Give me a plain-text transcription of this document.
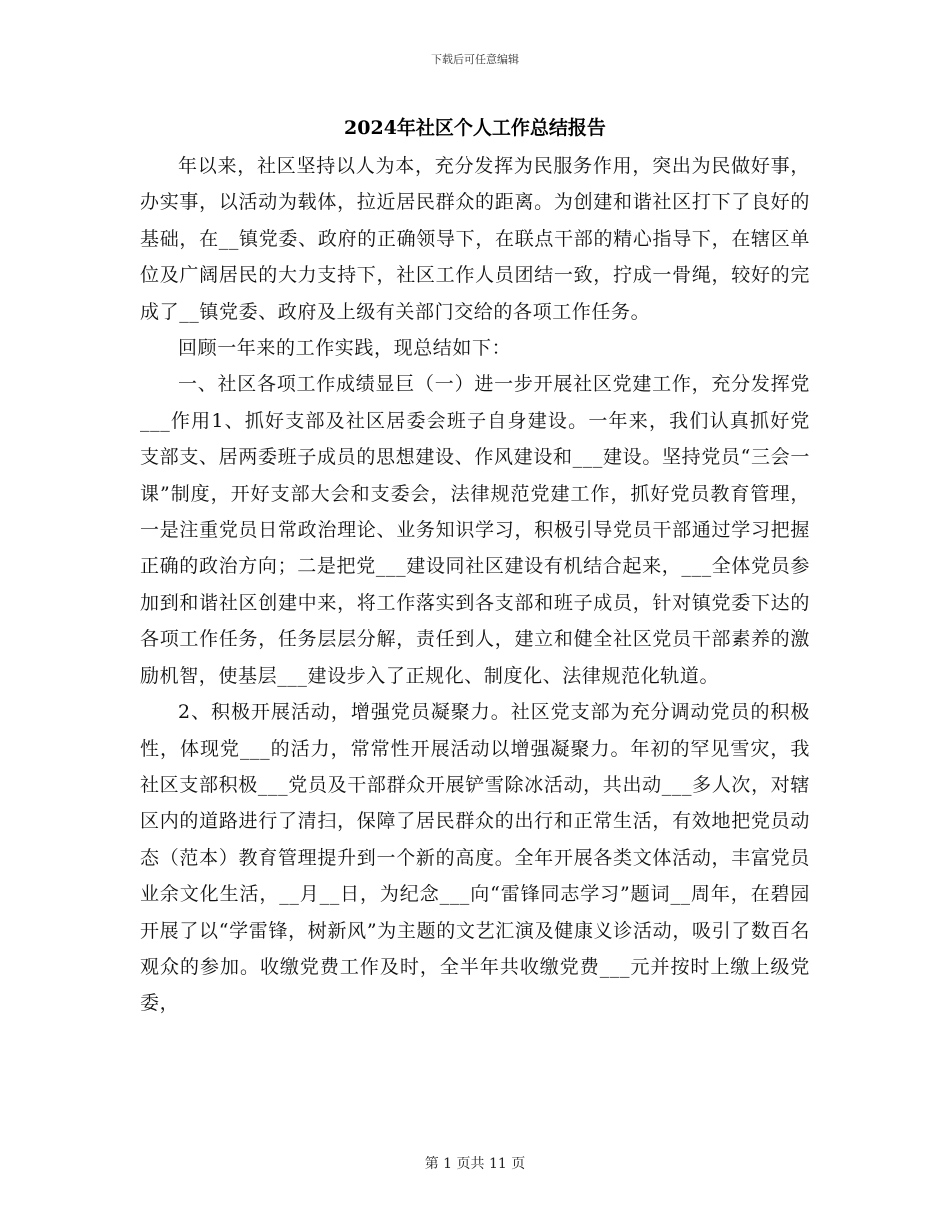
下载后可任意编辑
2024年社区个人工作总结报告

年以来，社区坚持以人为本，充分发挥为民服务作用，突出为民做好事，办实事，以活动为载体，拉近居民群众的距离。为创建和谐社区打下了良好的基础，在__镇党委、政府的正确领导下，在联点干部的精心指导下，在辖区单位及广阔居民的大力支持下，社区工作人员团结一致，拧成一骨绳，较好的完成了__镇党委、政府及上级有关部门交给的各项工作任务。

回顾一年来的工作实践，现总结如下：

一、社区各项工作成绩显巨（一）进一步开展社区党建工作，充分发挥党___作用1、抓好支部及社区居委会班子自身建设。一年来，我们认真抓好党支部支、居两委班子成员的思想建设、作风建设和___建设。坚持党员“三会一课”制度，开好支部大会和支委会，法律规范党建工作，抓好党员教育管理，一是注重党员日常政治理论、业务知识学习，积极引导党员干部通过学习把握正确的政治方向；二是把党___建设同社区建设有机结合起来，___全体党员参加到和谐社区创建中来，将工作落实到各支部和班子成员，针对镇党委下达的各项工作任务，任务层层分解，责任到人，建立和健全社区党员干部素养的激励机智，使基层___建设步入了正规化、制度化、法律规范化轨道。

2、积极开展活动，增强党员凝聚力。社区党支部为充分调动党员的积极性，体现党___的活力，常常性开展活动以增强凝聚力。年初的罕见雪灾，我社区支部积极___党员及干部群众开展铲雪除冰活动，共出动___多人次，对辖区内的道路进行了清扫，保障了居民群众的出行和正常生活，有效地把党员动态（范本）教育管理提升到一个新的高度。全年开展各类文体活动，丰富党员业余文化生活，__月__日，为纪念___向“雷锋同志学习”题词__周年，在碧园开展了以“学雷锋，树新风”为主题的文艺汇演及健康义诊活动，吸引了数百名观众的参加。收缴党费工作及时，全半年共收缴党费___元并按时上缴上级党委，

第 1 页共 11 页
